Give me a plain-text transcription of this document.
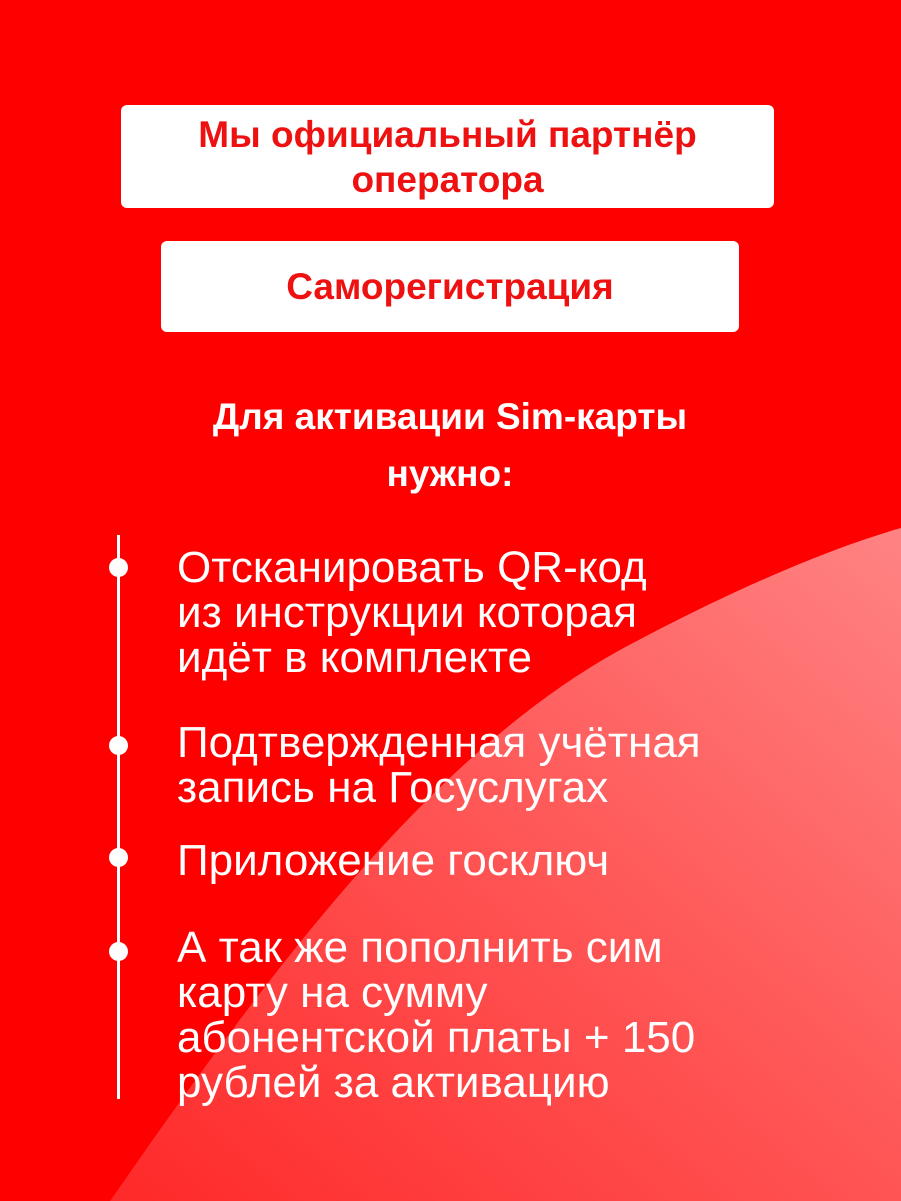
Мы официальный партнёр оператора
Саморегистрация
Для активации Sim-карты нужно:
Отсканировать QR-код
из инструкции которая
идёт в комплекте
Подтвержденная учётная
запись на Госуслугах
Приложение госключ
А так же пополнить сим
карту на сумму
абонентской платы + 150
рублей за активацию
